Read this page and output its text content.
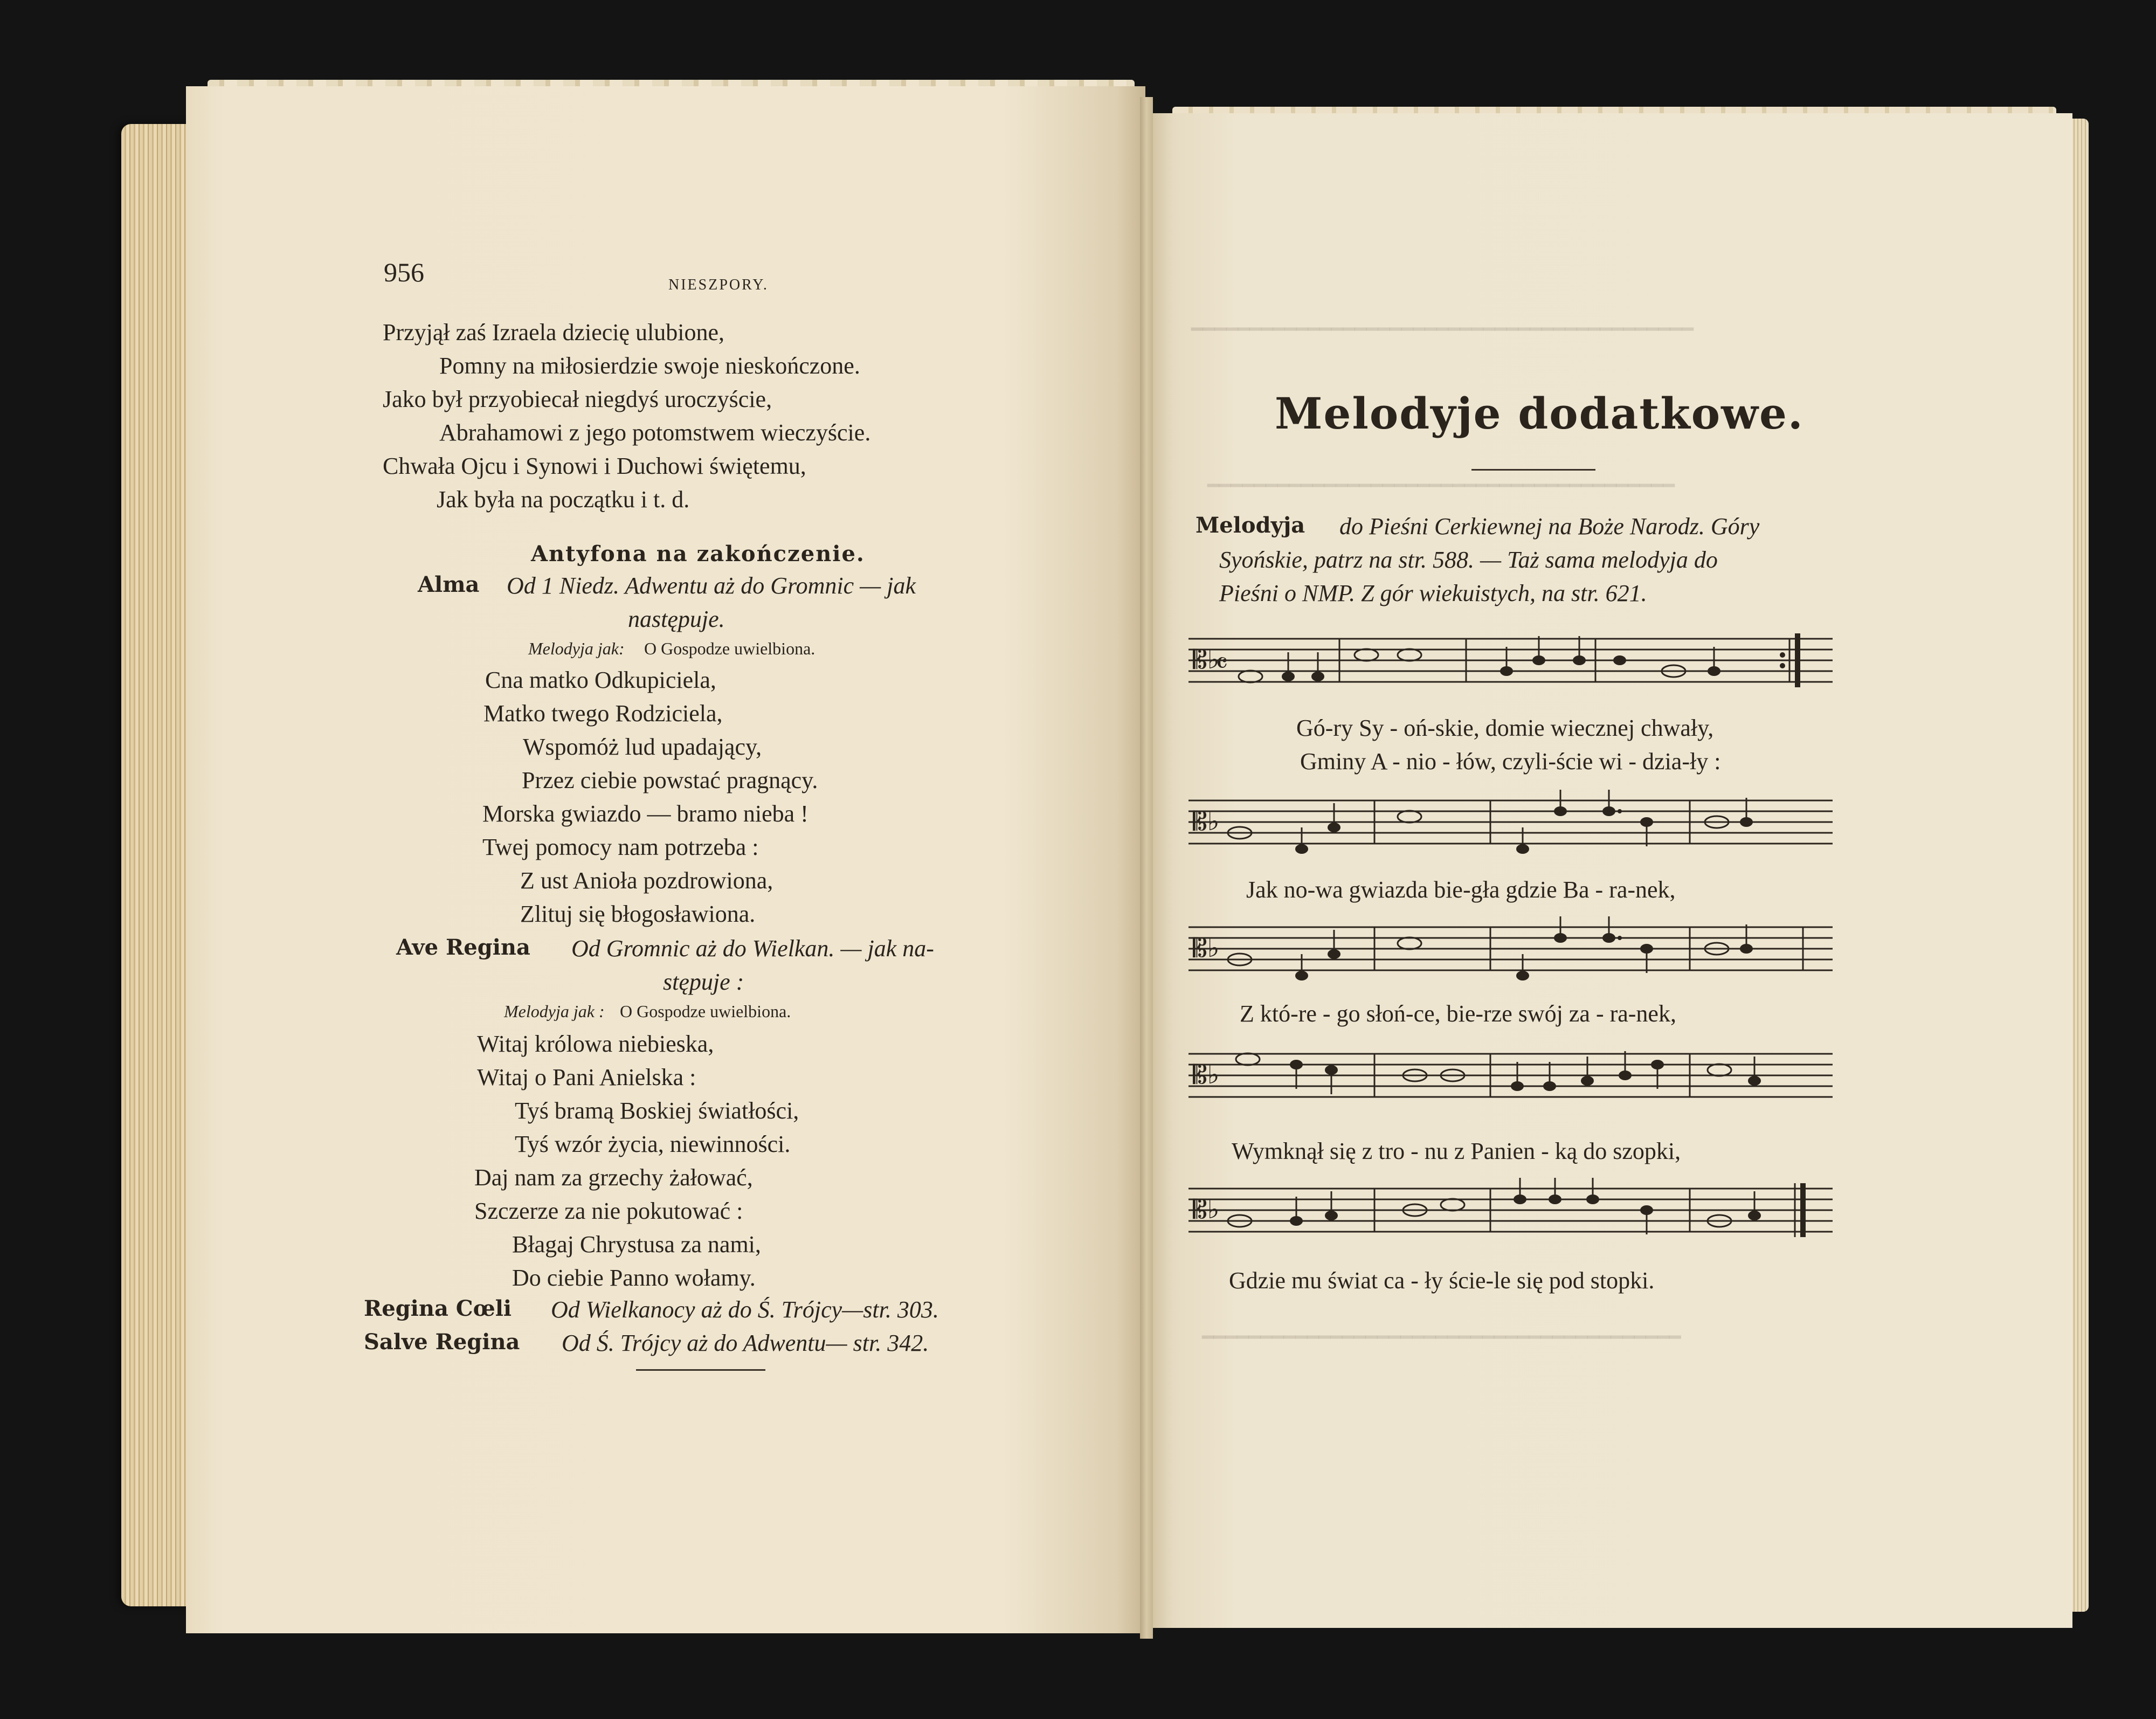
956	NIESZPORY.
Przyjął zaś Izraela dziecię ulubione,
Pomny na miłosierdzie swoje nieskończone.
Jako był przyobiecał niegdyś uroczyście,
Abrahamowi z jego potomstwem wieczyście.
Chwała Ojcu i Synowi i Duchowi świętemu,
Jak była na początku i t. d.
Antyfona na zakończenie.
Alma Od 1 Niedz. Adwentu aż do Gromnic — jak
następuje.
Melodyja jak: O Gospodze uwielbiona.
Cna matko Odkupiciela,
Matko twego Rodziciela,
Wspomóż lud upadający,
Przez ciebie powstać pragnący.
Morska gwiazdo — bramo nieba !
Twej pomocy nam potrzeba :
Z ust Anioła pozdrowiona,
Zlituj się błogosławiona.
Ave Regina Od Gromnic aż do Wielkan. — jak na-
stępuje :
Melodyja jak : O Gospodze uwielbiona.
Witaj królowa niebieska,
Witaj o Pani Anielska :
Tyś bramą Boskiej światłości,
Tyś wzór życia, niewinności.
Daj nam za grzechy żałować,
Szczerze za nie pokutować :
Błagaj Chrystusa za nami,
Do ciebie Panno wołamy.
Regina Cœli Od Wielkanocy aż do Ś. Trójcy—str. 303.
Salve Regina Od Ś. Trójcy aż do Adwentu— str. 342.
━━━━━━━━━━━━━━━━━━━━━━━━━━━━━━━━━━━━━━━━━━━
━━━━━━━━━━━━━━━━━━━━━━━━━━━━━━━━━━━━━━━━
━━━━━━━━━━━━━━━━━━━━━━━━━━━━━━━━━━━━━━━━━
Melodyje dodatkowe.
Melodyja do Pieśni Cerkiewnej na Boże Narodz. Góry
Syońskie, patrz na str. 588. — Taż sama melodyja do
Pieśni o NMP. Z gór wiekuistych, na str. 621.
𝄡♭
𝄴
Gó-ry Sy - oń-skie, domie wiecznej chwały,
Gminy A - nio - łów, czyli-ście wi - dzia-ły :
𝄡♭
Jak no-wa gwiazda bie-gła gdzie Ba - ra-nek,
𝄡♭
Z któ-re - go słoń-ce, bie-rze swój za - ra-nek,
𝄡♭
Wymknął się z tro - nu z Panien - ką do szopki,
𝄡♭
Gdzie mu świat ca - ły ście-le się pod stopki.
